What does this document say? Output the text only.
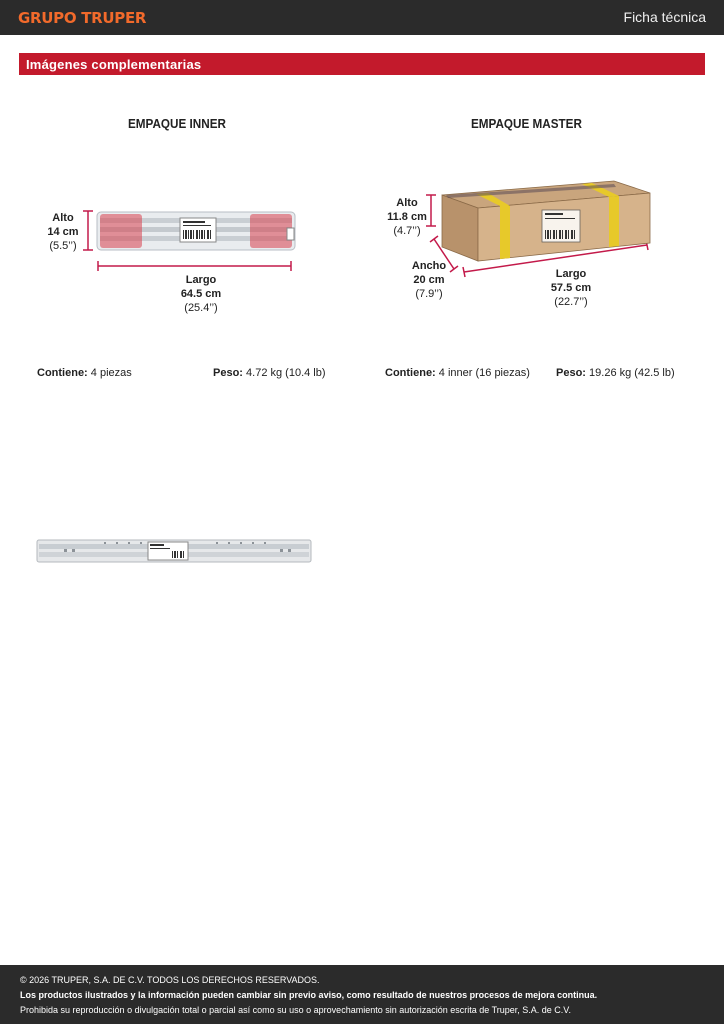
GRUPO TRUPER	Ficha técnica
Imágenes complementarias
EMPAQUE INNER
Alto
14 cm
(5.5’’)
Largo
64.5 cm
(25.4’’)
Contiene: 4 piezas	Peso: 4.72 kg (10.4 lb)
EMPAQUE MASTER
Alto
11.8 cm
(4.7’’)
Ancho
20 cm
(7.9’’)
Largo
57.5 cm
(22.7’’)
Contiene: 4 inner (16 piezas) Peso: 19.26 kg (42.5 lb)
© 2026 TRUPER, S.A. DE C.V. TODOS LOS DERECHOS RESERVADOS.
Los productos ilustrados y la información pueden cambiar sin previo aviso, como resultado de nuestros procesos de mejora continua.
Prohibida su reproducción o divulgación total o parcial así como su uso o aprovechamiento sin autorización escrita de Truper, S.A. de C.V.
